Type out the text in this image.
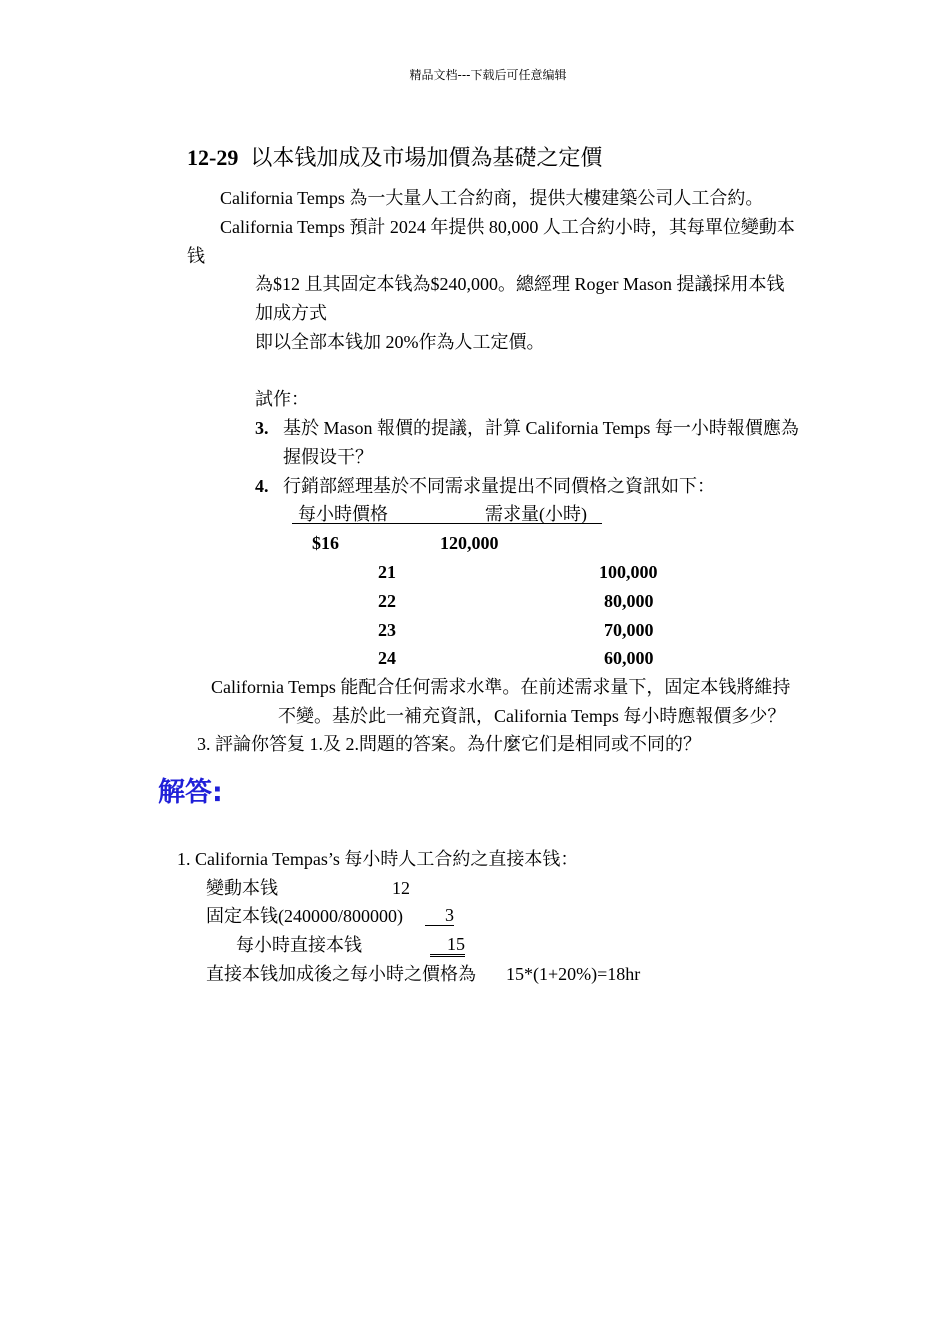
精品文档---下载后可任意编辑
12-29 以本钱加成及市場加價為基礎之定價
California Temps 為一大量人工合約商，提供大樓建築公司人工合約。
California Temps 預計 2024 年提供 80,000 人工合約小時，其每單位變動本
钱
為$12 且其固定本钱為$240,000。總經理 Roger Mason 提議採用本钱
加成方式
即以全部本钱加 20%作為人工定價。
試作：
3. 基於 Mason 報價的提議，計算 California Temps 每一小時報價應為
握假设干？
4. 行銷部經理基於不同需求量提出不同價格之資訊如下：
每小時價格	需求量(小時)
$16	120,000
21	100,000
22	80,000
23	70,000
24	60,000
California Temps 能配合任何需求水準。在前述需求量下，固定本钱將維持
不變。基於此一補充資訊，California Temps 每小時應報價多少？
3. 評論你答复 1.及 2.問題的答案。為什麼它们是相同或不同的？
解答:
1. California Tempas’s 每小時人工合約之直接本钱：
變動本钱	12
固定本钱(240000/800000)	3
每小時直接本钱	15
直接本钱加成後之每小時之價格為 15*(1+20%)=18hr
